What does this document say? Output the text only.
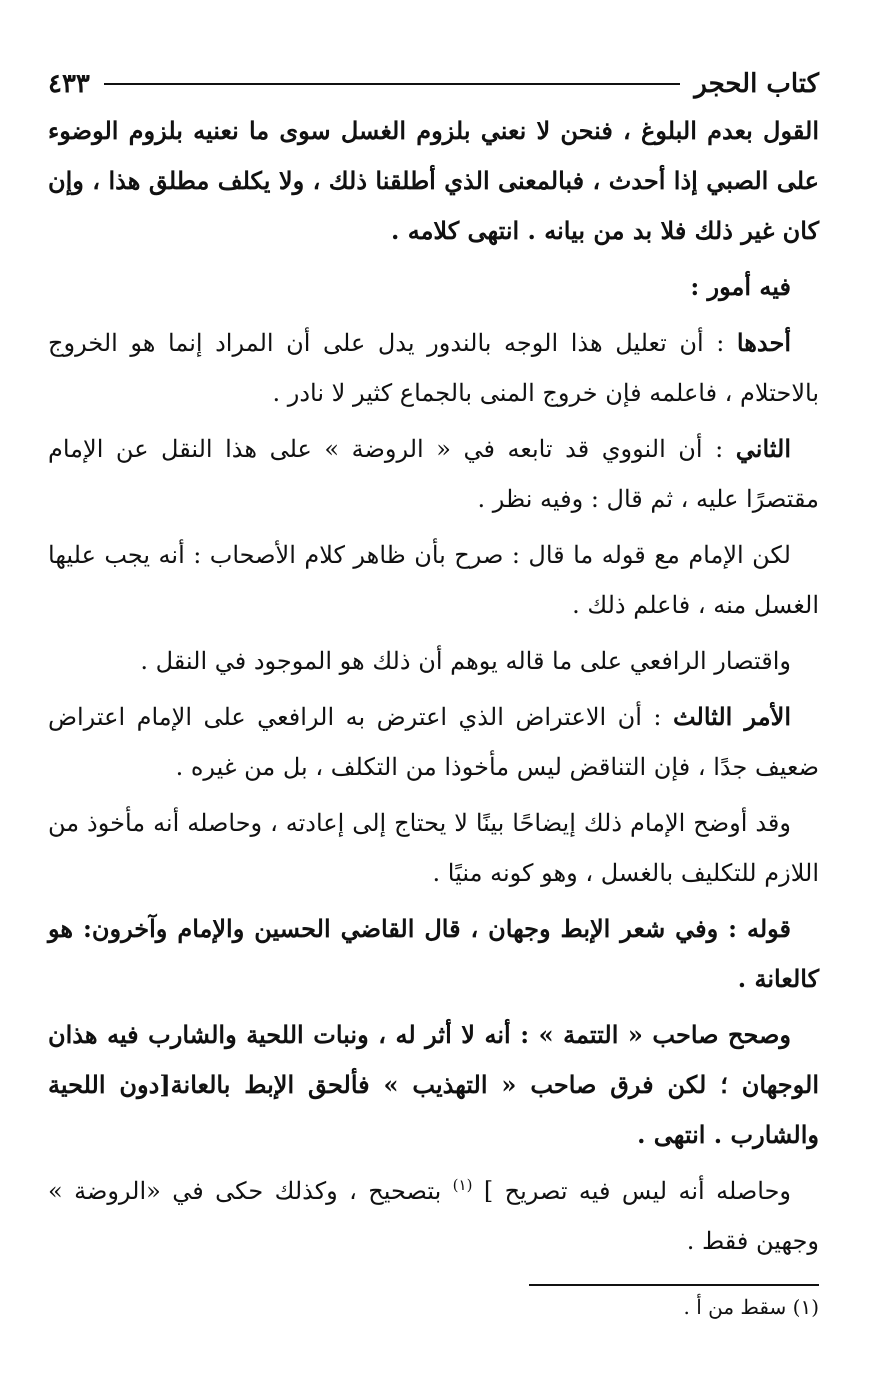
كتاب الحجر
٤٣٣

القول بعدم البلوغ ، فنحن لا نعني بلزوم الغسل سوى ما نعنيه بلزوم الوضوء على الصبي إذا أحدث ، فبالمعنى الذي أطلقنا ذلك ، ولا يكلف مطلق هذا ، وإن كان غير ذلك فلا بد من بيانه . انتهى كلامه .

فيه أمور :

أحدها : أن تعليل هذا الوجه بالندور يدل على أن المراد إنما هو الخروج بالاحتلام ، فاعلمه فإن خروج المنى بالجماع كثير لا نادر .

الثاني : أن النووي قد تابعه في « الروضة » على هذا النقل عن الإمام مقتصرًا عليه ، ثم قال : وفيه نظر .

لكن الإمام مع قوله ما قال : صرح بأن ظاهر كلام الأصحاب : أنه يجب عليها الغسل منه ، فاعلم ذلك .

واقتصار الرافعي على ما قاله يوهم أن ذلك هو الموجود في النقل .

الأمر الثالث : أن الاعتراض الذي اعترض به الرافعي على الإمام اعتراض ضعيف جدًا ، فإن التناقض ليس مأخوذا من التكلف ، بل من غيره .

وقد أوضح الإمام ذلك إيضاحًا بينًا لا يحتاج إلى إعادته ، وحاصله أنه مأخوذ من اللازم للتكليف بالغسل ، وهو كونه منيًا .

قوله : وفي شعر الإبط وجهان ، قال القاضي الحسين والإمام وآخرون: هو كالعانة .

وصحح صاحب « التتمة » : أنه لا أثر له ، ونبات اللحية والشارب فيه هذان الوجهان ؛ لكن فرق صاحب « التهذيب » فألحق الإبط بالعانة[دون اللحية والشارب . انتهى .

وحاصله أنه ليس فيه تصريح ] $^{(١)}$ بتصحيح ، وكذلك حكى في «الروضة » وجهين فقط .

(١) سقط من أ .
